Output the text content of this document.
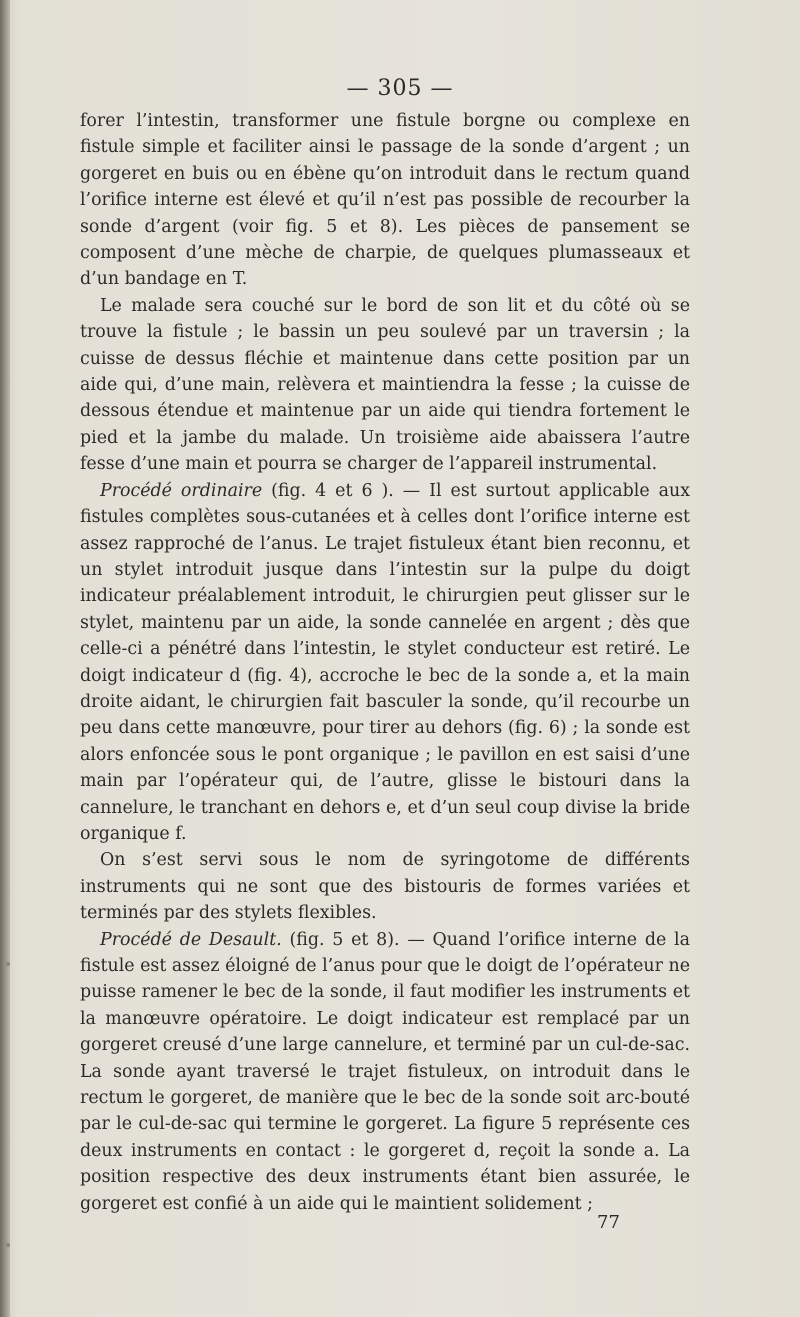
— 305 —

forer l’intestin, transformer une fistule borgne ou complexe en fistule simple et faciliter ainsi le passage de la sonde d’argent ; un gorgeret en buis ou en ébène qu’on introduit dans le rectum quand l’orifice interne est élevé et qu’il n’est pas possible de recourber la sonde d’argent (voir fig. 5 et 8). Les pièces de pansement se composent d’une mèche de charpie, de quelques plumasseaux et d’un bandage en T.

Le malade sera couché sur le bord de son lit et du côté où se trouve la fistule ; le bassin un peu soulevé par un traversin ; la cuisse de dessus fléchie et maintenue dans cette position par un aide qui, d’une main, relèvera et maintiendra la fesse ; la cuisse de dessous étendue et maintenue par un aide qui tiendra fortement le pied et la jambe du malade. Un troisième aide abaissera l’autre fesse d’une main et pourra se charger de l’appareil instrumental.

Procédé ordinaire (fig. 4 et 6 ). — Il est surtout applicable aux fistules complètes sous-cutanées et à celles dont l’orifice interne est assez rapproché de l’anus. Le trajet fistuleux étant bien reconnu, et un stylet introduit jusque dans l’intestin sur la pulpe du doigt indicateur préalablement introduit, le chirurgien peut glisser sur le stylet, maintenu par un aide, la sonde cannelée en argent ; dès que celle-ci a pénétré dans l’intestin, le stylet conducteur est retiré. Le doigt indicateur d (fig. 4), accroche le bec de la sonde a, et la main droite aidant, le chirurgien fait basculer la sonde, qu’il recourbe un peu dans cette manœuvre, pour tirer au dehors (fig. 6) ; la sonde est alors enfoncée sous le pont organique ; le pavillon en est saisi d’une main par l’opérateur qui, de l’autre, glisse le bistouri dans la cannelure, le tranchant en dehors e, et d’un seul coup divise la bride organique f.

On s’est servi sous le nom de syringotome de différents instruments qui ne sont que des bistouris de formes variées et terminés par des stylets flexibles.

Procédé de Desault. (fig. 5 et 8). — Quand l’orifice interne de la fistule est assez éloigné de l’anus pour que le doigt de l’opérateur ne puisse ramener le bec de la sonde, il faut modifier les instruments et la manœuvre opératoire. Le doigt indicateur est remplacé par un gorgeret creusé d’une large cannelure, et terminé par un cul-de-sac. La sonde ayant traversé le trajet fistuleux, on introduit dans le rectum le gorgeret, de manière que le bec de la sonde soit arc-bouté par le cul-de-sac qui termine le gorgeret. La figure 5 représente ces deux instruments en contact : le gorgeret d, reçoit la sonde a. La position respective des deux instruments étant bien assurée, le gorgeret est confié à un aide qui le maintient solidement ;

77
